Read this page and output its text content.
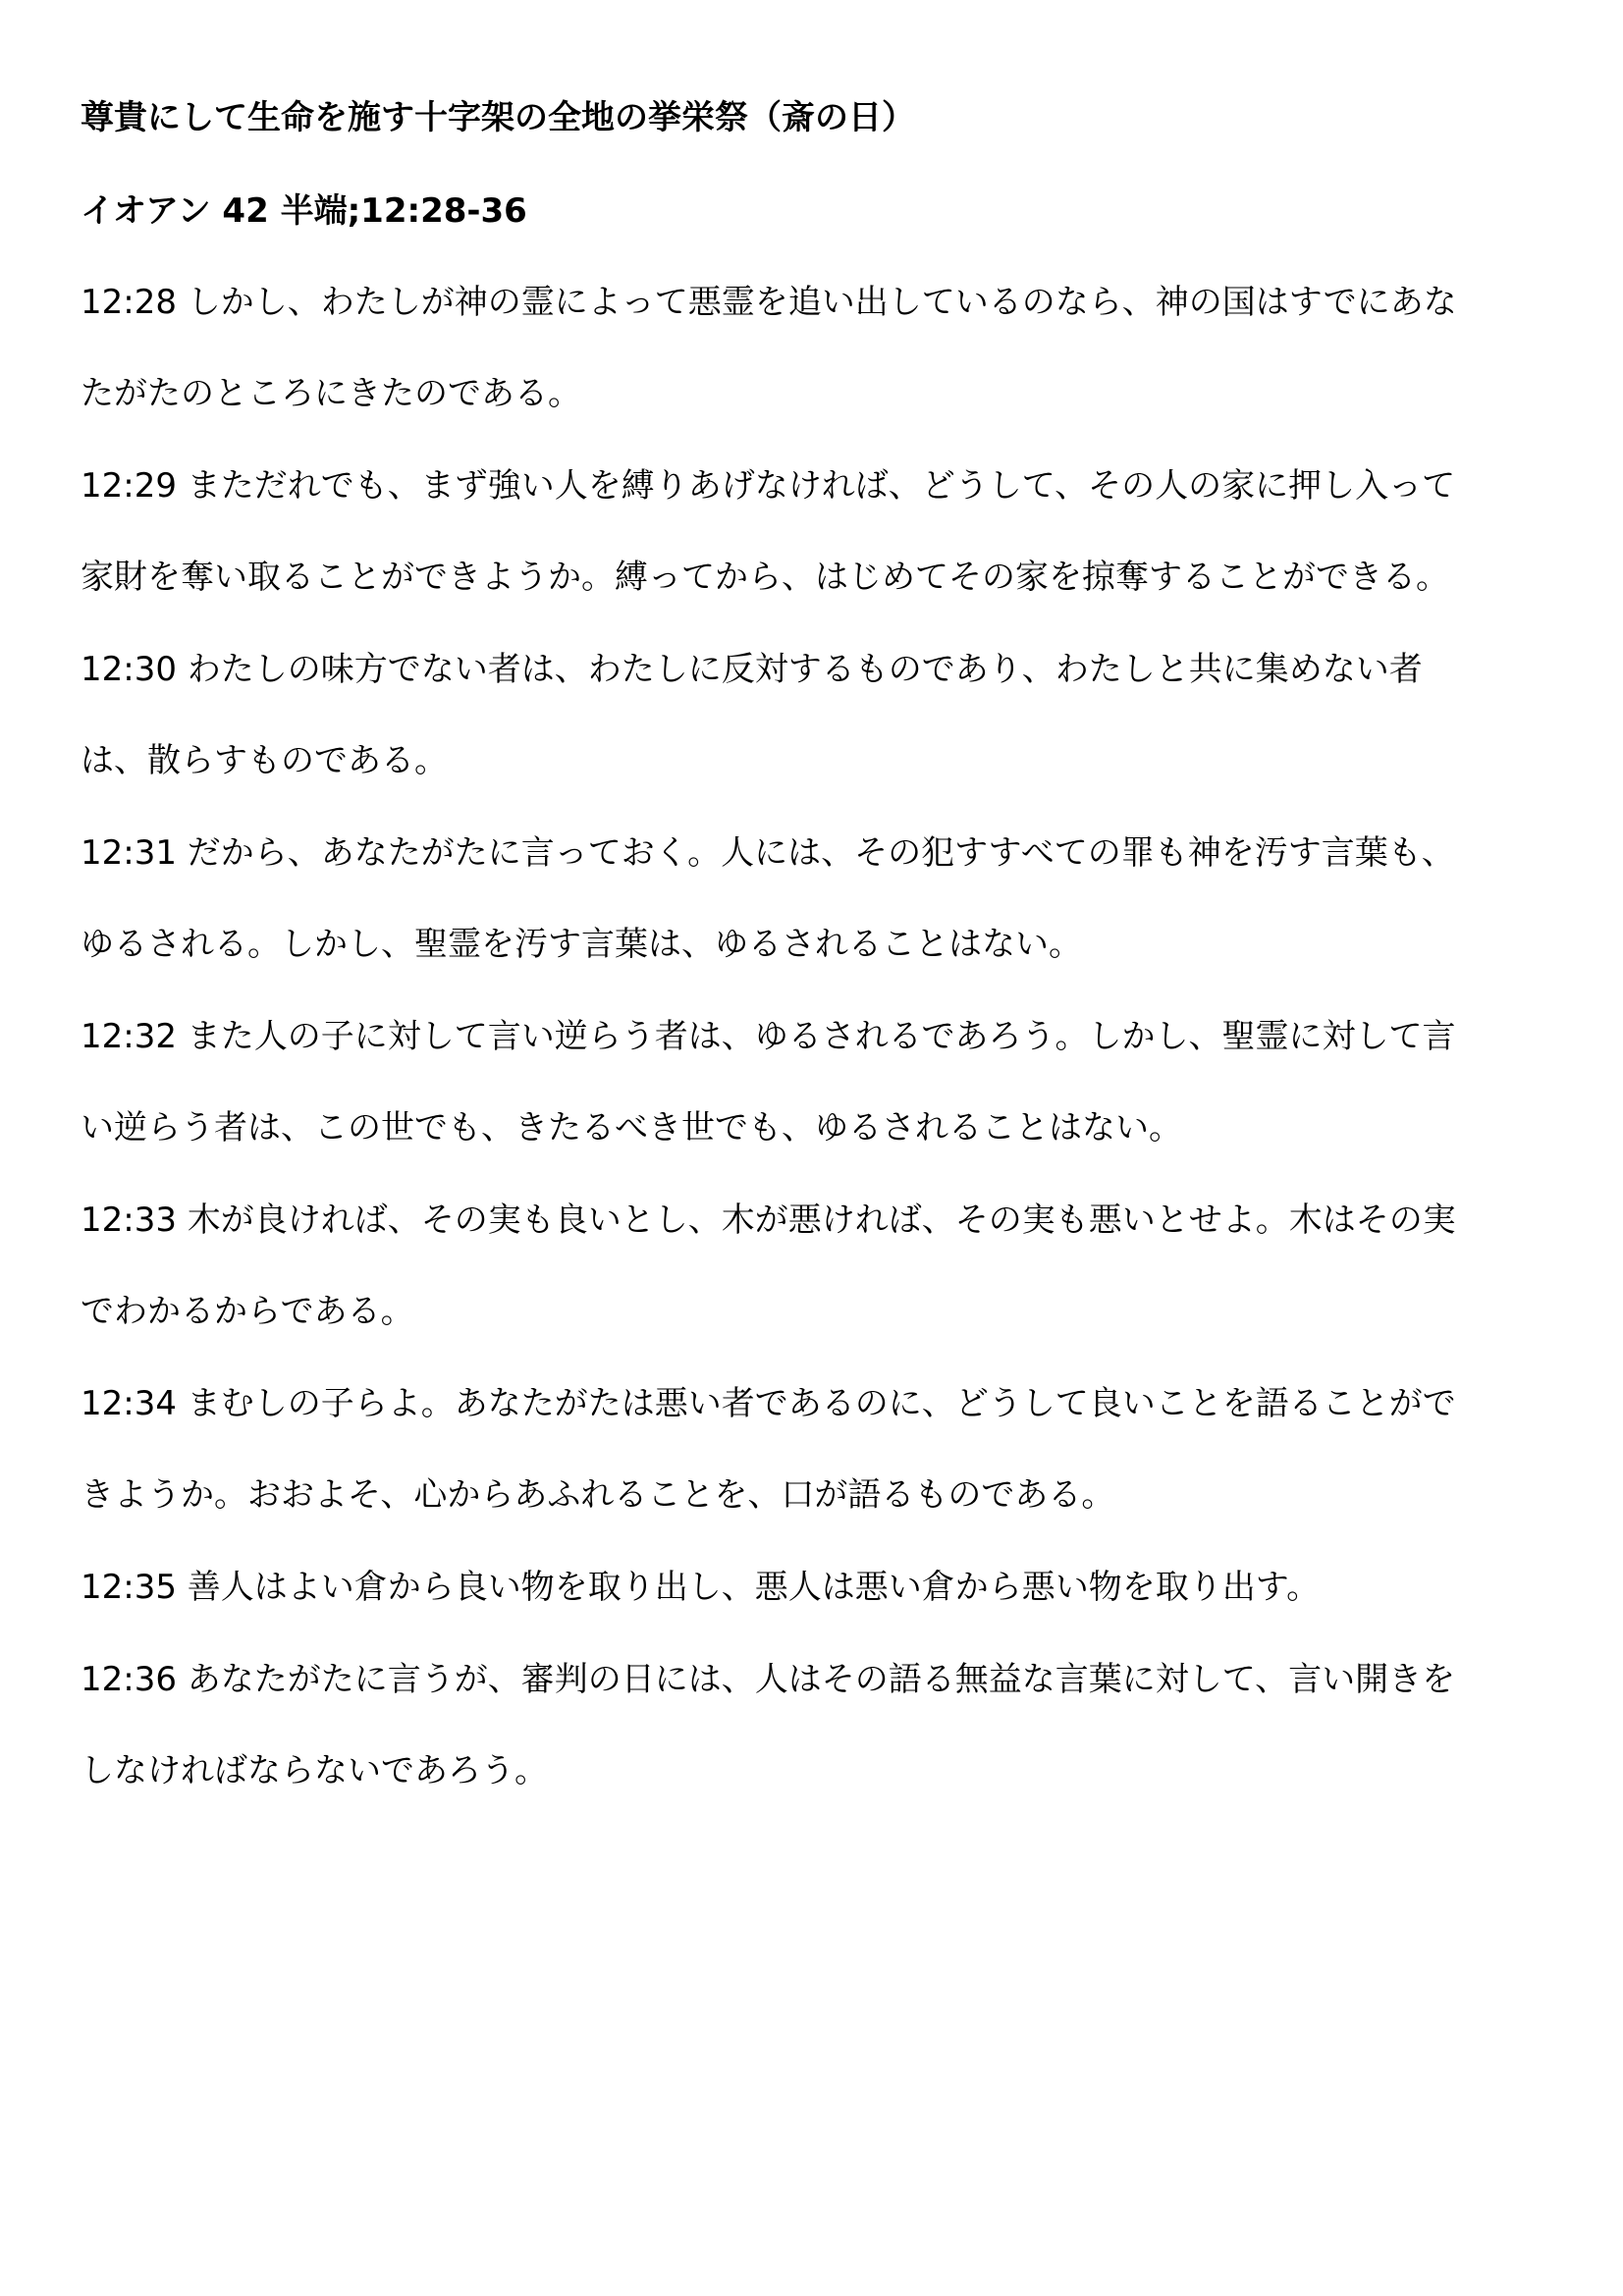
尊貴にして生命を施す十字架の全地の挙栄祭（斎の日）
イオアン 42 半端;12:28-36
12:28 しかし、わたしが神の霊によって悪霊を追い出しているのなら、神の国はすでにあな
たがたのところにきたのである。
12:29 まただれでも、まず強い人を縛りあげなければ、どうして、その人の家に押し入って
家財を奪い取ることができようか。縛ってから、はじめてその家を掠奪することができる。
12:30 わたしの味方でない者は、わたしに反対するものであり、わたしと共に集めない者
は、散らすものである。
12:31 だから、あなたがたに言っておく。人には、その犯すすべての罪も神を汚す言葉も、
ゆるされる。しかし、聖霊を汚す言葉は、ゆるされることはない。
12:32 また人の子に対して言い逆らう者は、ゆるされるであろう。しかし、聖霊に対して言
い逆らう者は、この世でも、きたるべき世でも、ゆるされることはない。
12:33 木が良ければ、その実も良いとし、木が悪ければ、その実も悪いとせよ。木はその実
でわかるからである。
12:34 まむしの子らよ。あなたがたは悪い者であるのに、どうして良いことを語ることがで
きようか。おおよそ、心からあふれることを、口が語るものである。
12:35 善人はよい倉から良い物を取り出し、悪人は悪い倉から悪い物を取り出す。
12:36 あなたがたに言うが、審判の日には、人はその語る無益な言葉に対して、言い開きを
しなければならないであろう。
